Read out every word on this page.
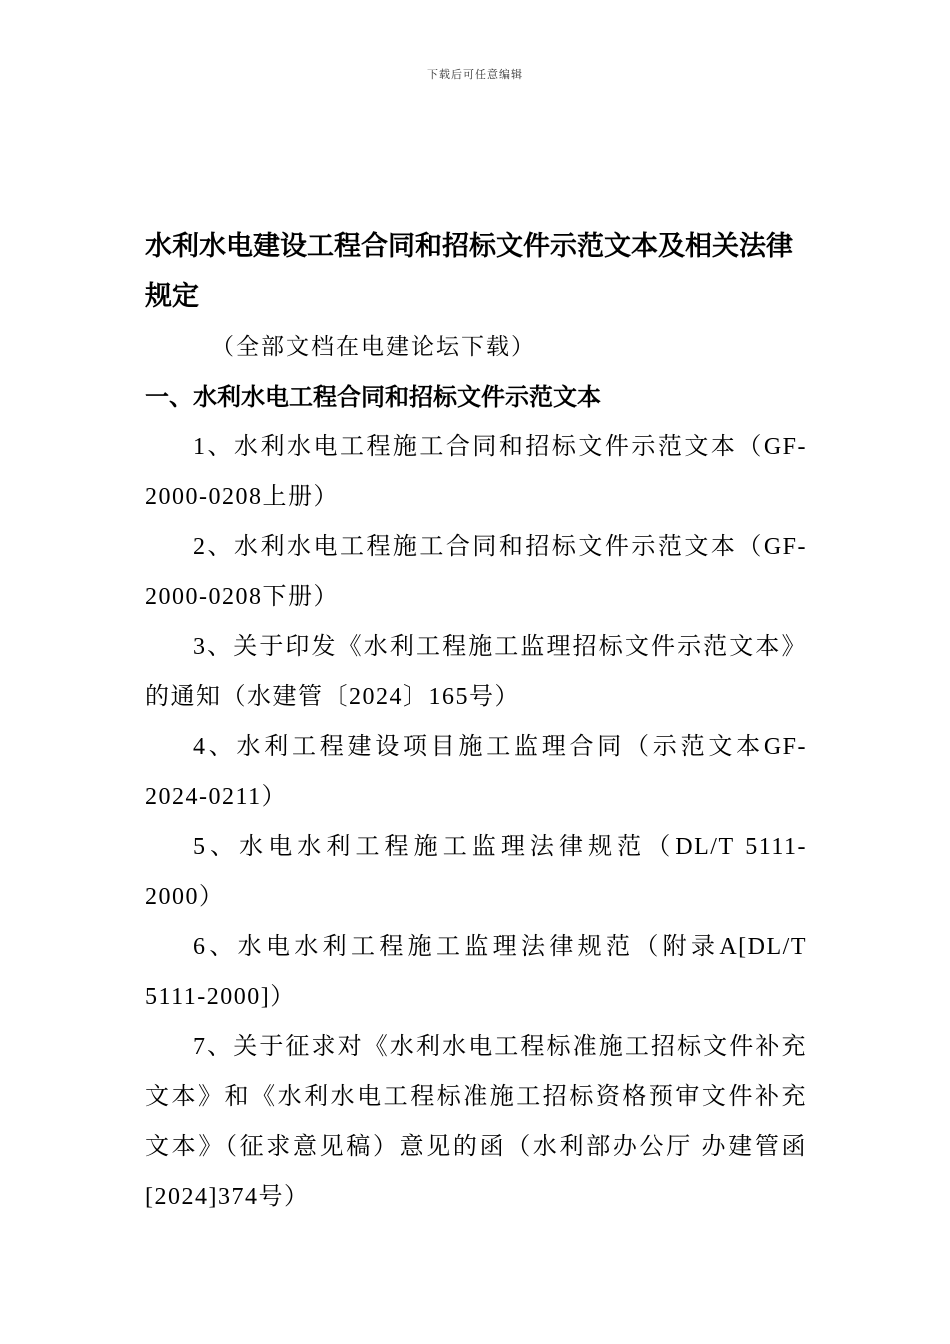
下载后可任意编辑
水利水电建设工程合同和招标文件示范文本及相关法律规定

（全部文档在电建论坛下载）

一、水利水电工程合同和招标文件示范文本

1、水利水电工程施工合同和招标文件示范文本（GF-2000-0208上册）

2、水利水电工程施工合同和招标文件示范文本（GF-2000-0208下册）

3、关于印发《水利工程施工监理招标文件示范文本》的通知（水建管〔2024〕165号）

4、水利工程建设项目施工监理合同（示范文本GF-2024-0211）

5、水电水利工程施工监理法律规范（DL/T 5111-2000）

6、水电水利工程施工监理法律规范（附录A[DL/T 5111-2000]）

7、关于征求对《水利水电工程标准施工招标文件补充文本》和《水利水电工程标准施工招标资格预审文件补充文本》（征求意见稿）意见的函（水利部办公厅 办建管函[2024]374号）
